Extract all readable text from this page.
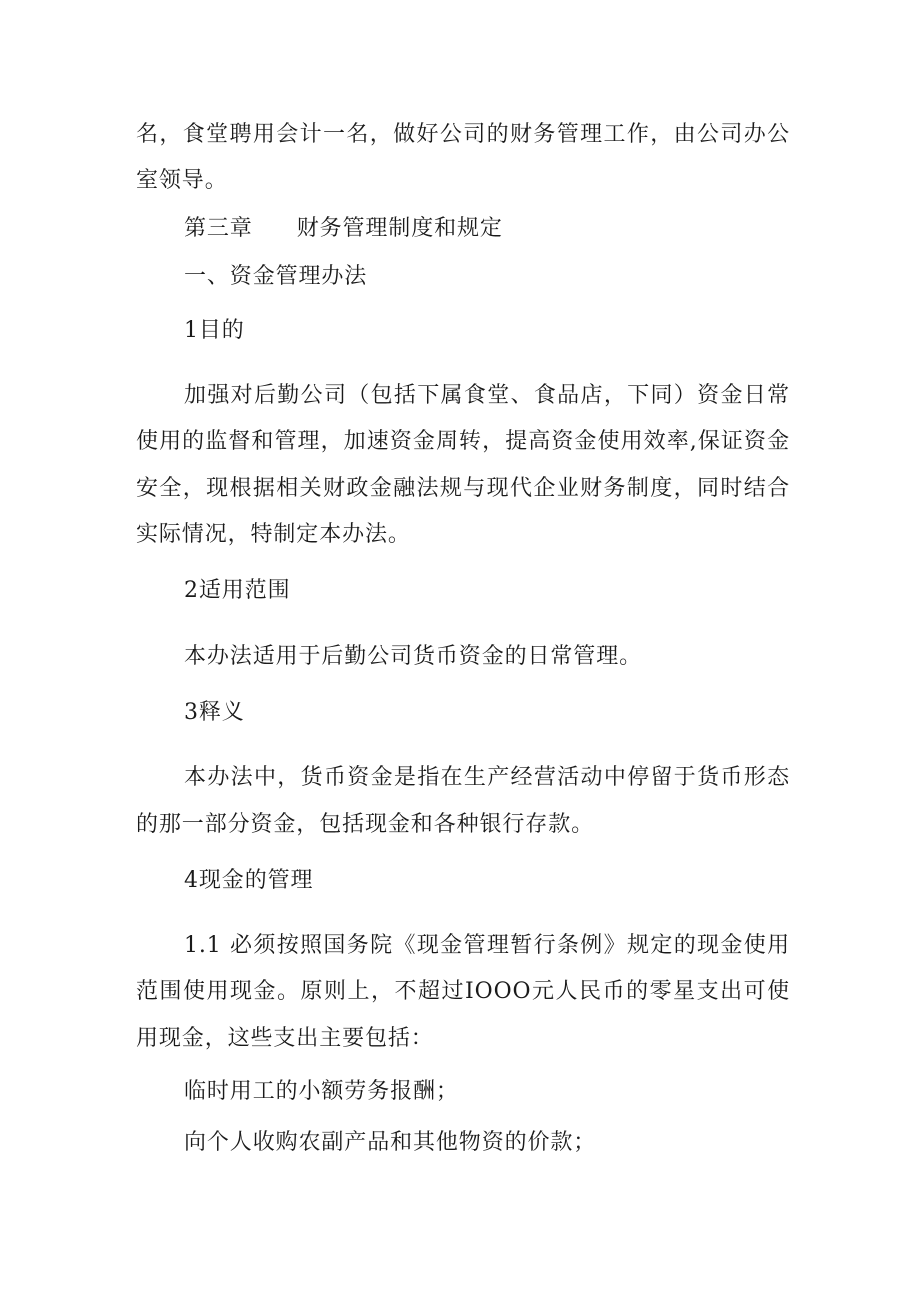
名，食堂聘用会计一名，做好公司的财务管理工作，由公司办公
室领导。
第三章 财务管理制度和规定
一、资金管理办法
1目的
加强对后勤公司（包括下属食堂、食品店，下同）资金日常
使用的监督和管理，加速资金周转，提高资金使用效率,保证资金
安全，现根据相关财政金融法规与现代企业财务制度，同时结合
实际情况，特制定本办法。
2适用范围
本办法适用于后勤公司货币资金的日常管理。
3释义
本办法中，货币资金是指在生产经营活动中停留于货币形态
的那一部分资金，包括现金和各种银行存款。
4现金的管理
1.1 必须按照国务院《现金管理暂行条例》规定的现金使用
范围使用现金。原则上，不超过IOOO元人民币的零星支出可使
用现金，这些支出主要包括：
临时用工的小额劳务报酬；
向个人收购农副产品和其他物资的价款；
